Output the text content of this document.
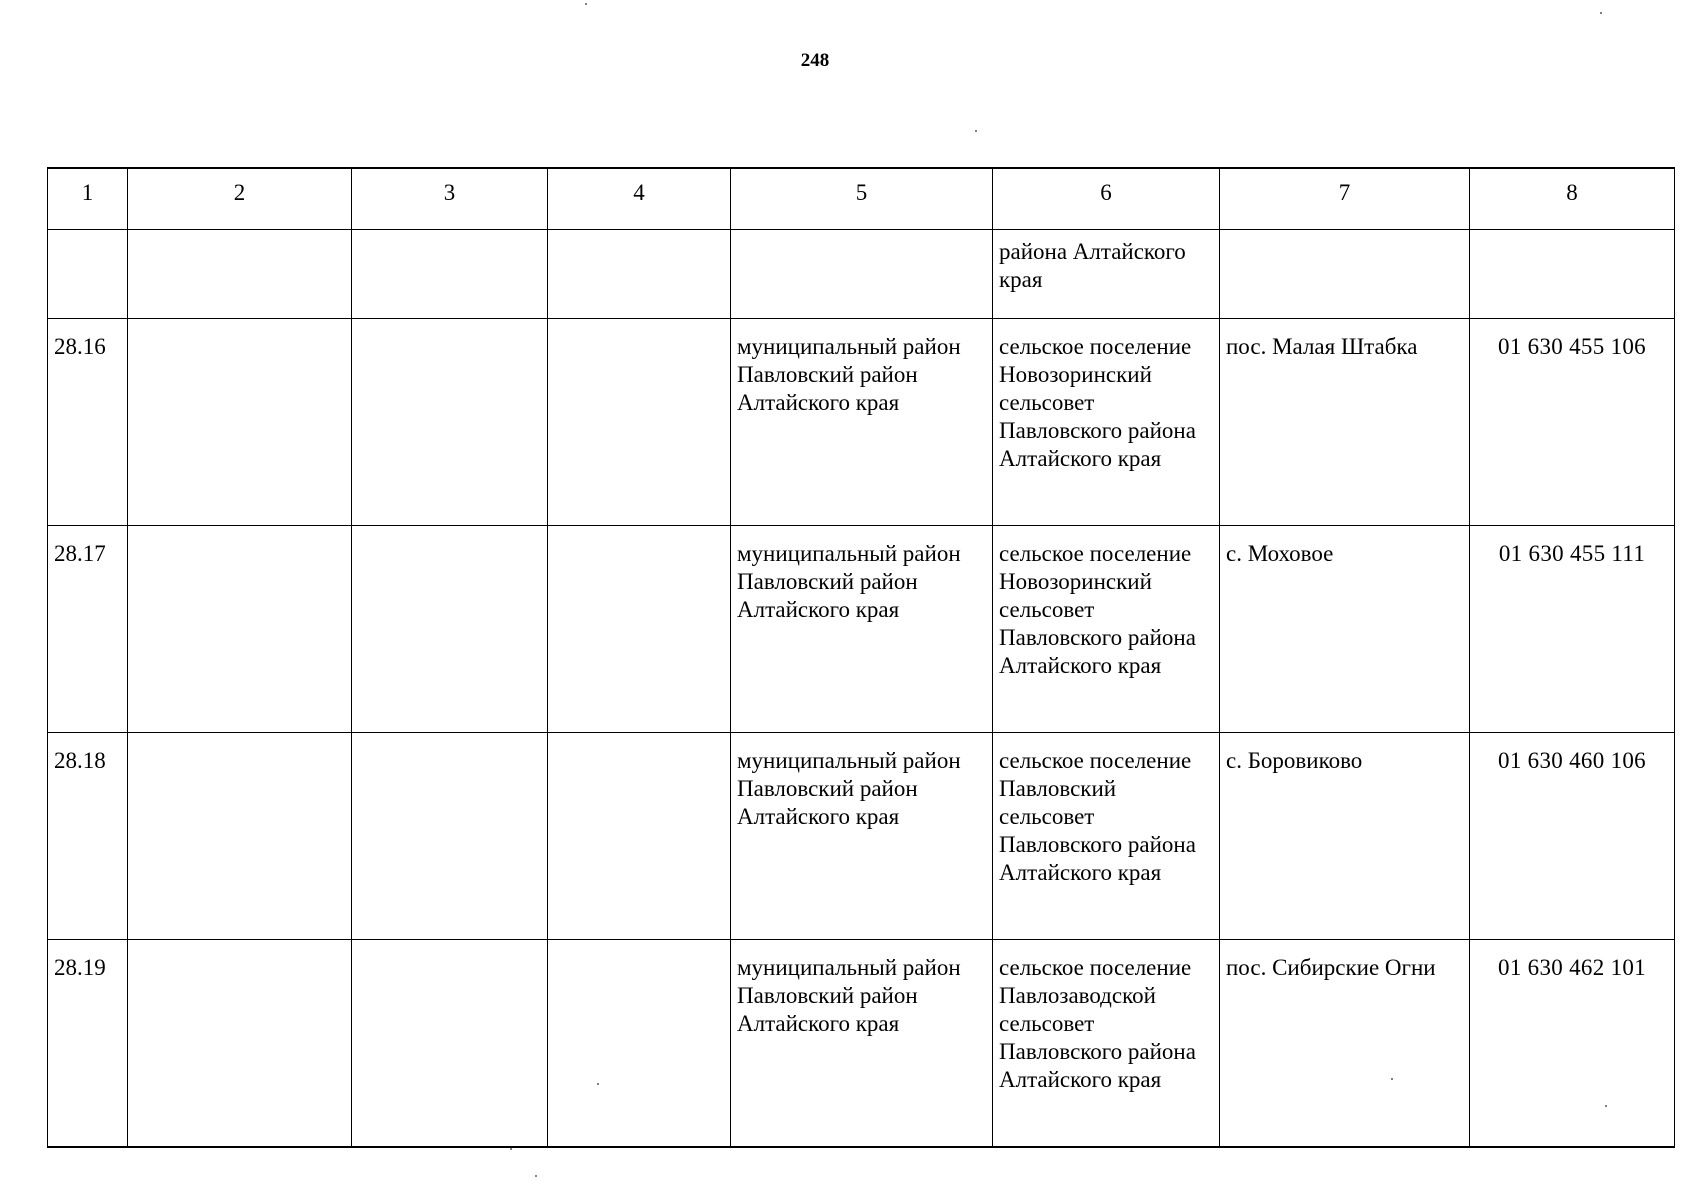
248
1	2	3	4	5	6	7	8
					района Алтайского края		
28.16				муниципальный район Павловский район Алтайского края	сельское поселение Новозоринский сельсовет Павловского района Алтайского края	пос. Малая Штабка	01 630 455 106
28.17				муниципальный район Павловский район Алтайского края	сельское поселение Новозоринский сельсовет Павловского района Алтайского края	с. Моховое	01 630 455 111
28.18				муниципальный район Павловский район Алтайского края	сельское поселение Павловский сельсовет Павловского района Алтайского края	с. Боровиково	01 630 460 106
28.19				муниципальный район Павловский район Алтайского края	сельское поселение Павлозаводской сельсовет Павловского района Алтайского края	пос. Сибирские Огни	01 630 462 101
